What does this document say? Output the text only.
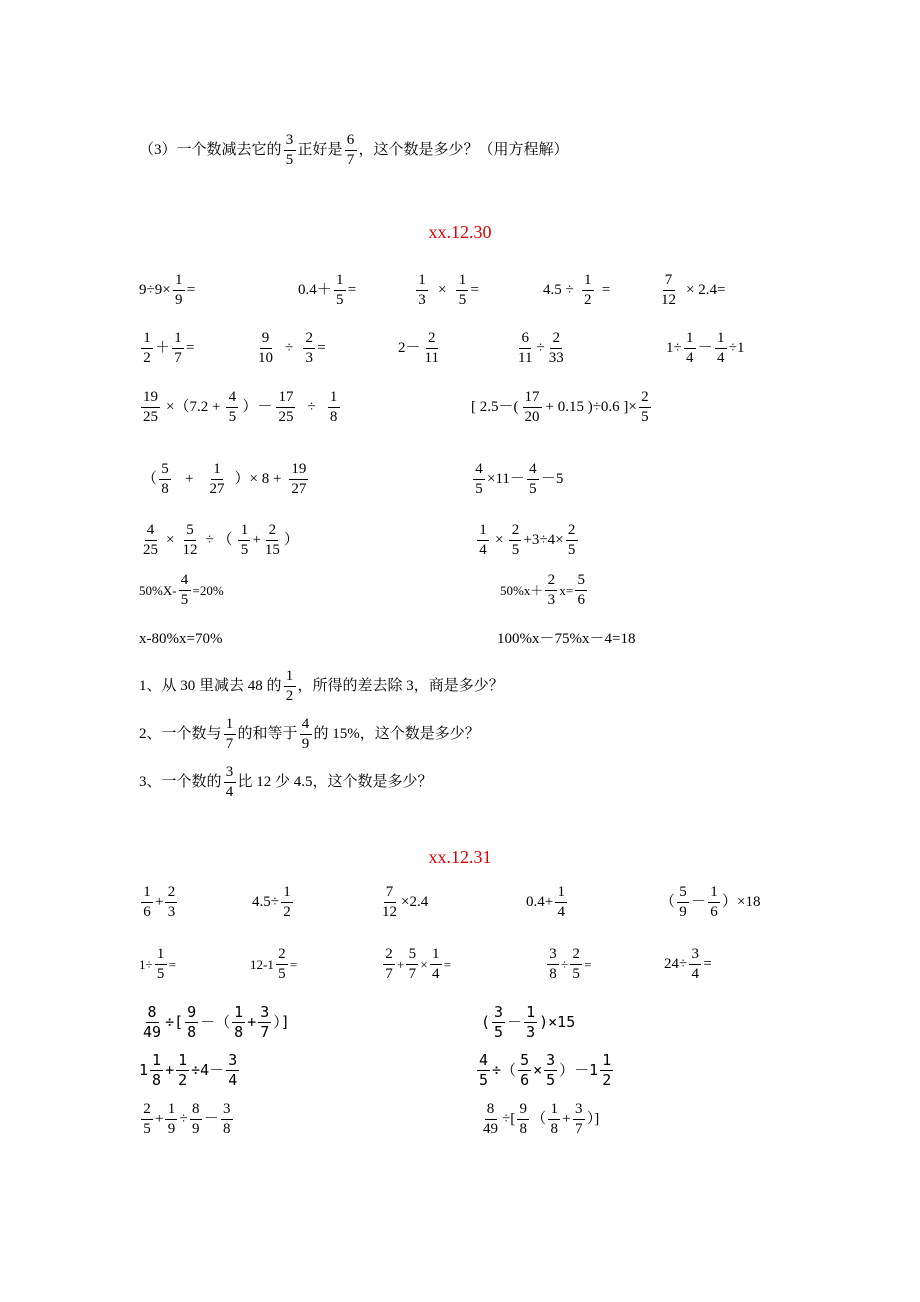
（3）一个数减去它的 $\frac{3}{5}$ 正好是 $\frac{6}{7}$ ，这个数是多少？（用方程解）
xx.12.30
$9\div 9\times \frac{1}{9}$ =	$0.4+ \frac{1}{5}$ =	$\frac{1}{3} \times \frac{1}{5}$ =	$4.5 \div \frac{1}{2}$ =	$\frac{7}{12} \times 2.4=$
$\frac{1}{2} + \frac{1}{7}$ =	$\frac{9}{10} \div \frac{2}{3}$ =	$2- \frac{2}{11}$	$\frac{6}{11} \div \frac{2}{33}$	$1\div \frac{1}{4} - \frac{1}{4} \div 1$
$\frac{19}{25} \times(7.2 + \frac{4}{5}$ ）－ $\frac{17}{25} \div \frac{1}{8}$	[ $2.5-( \frac{17}{20} + 0.15$ )÷0.6 ]× $\frac{2}{5}$
（ $\frac{5}{8} + \frac{1}{27}$ ）× $8 + \frac{19}{27}$	$\frac{4}{5} \times 11- \frac{4}{5} -5$
$\frac{4}{25} \times \frac{5}{12}$ ÷ （ $\frac{1}{5} + \frac{2}{15}$ ）	$\frac{1}{4} \times \frac{2}{5} +3\div 4\times \frac{2}{5}$
$50\%X- \frac{4}{5} =20\%$	$50\%x+ \frac{2}{3} x= \frac{5}{6}$
x-80%x=70%	100%x－75%x－4=18
1、从 30 里减去 48 的 $\frac{1}{2}$ ，所得的差去除 3，商是多少？
2、一个数与 $\frac{1}{7}$ 的和等于 $\frac{4}{9}$ 的 15%，这个数是多少？
3、一个数的 $\frac{3}{4}$ 比 12 少 4.5，这个数是多少？
xx.12.31
$\frac{1}{6} + \frac{2}{3}$	$4.5\div \frac{1}{2}$	$\frac{7}{12} \times 2.4$	$0.4+ \frac{1}{4}$	（ $\frac{5}{9} - \frac{1}{6} )\times 18$
$1\div \frac{1}{5}$ =	$12-1 \frac{2}{5}$ =	$\frac{2}{7} + \frac{5}{7} \times \frac{1}{4}$ =	$\frac{3}{8} \div \frac{2}{5}$ =	$24\div \frac{3}{4}$ =
$\frac{8}{49}$ ÷[ $\frac{9}{8}$ －（ $\frac{1}{8} + \frac{3}{7}$ ）]	( $\frac{3}{5} - \frac{1}{3} )\times 15$
$1 \frac{1}{8} + \frac{1}{2} \div 4- \frac{3}{4}$	$\frac{4}{5}$ ÷（ $\frac{5}{6} \times \frac{3}{5} )-1 \frac{1}{2}$
$\frac{2}{5} + \frac{1}{9} \div \frac{8}{9} - \frac{3}{8}$	$\frac{8}{49}$ ÷[ $\frac{9}{8}$ （ $\frac{1}{8} + \frac{3}{7}$ ）]
